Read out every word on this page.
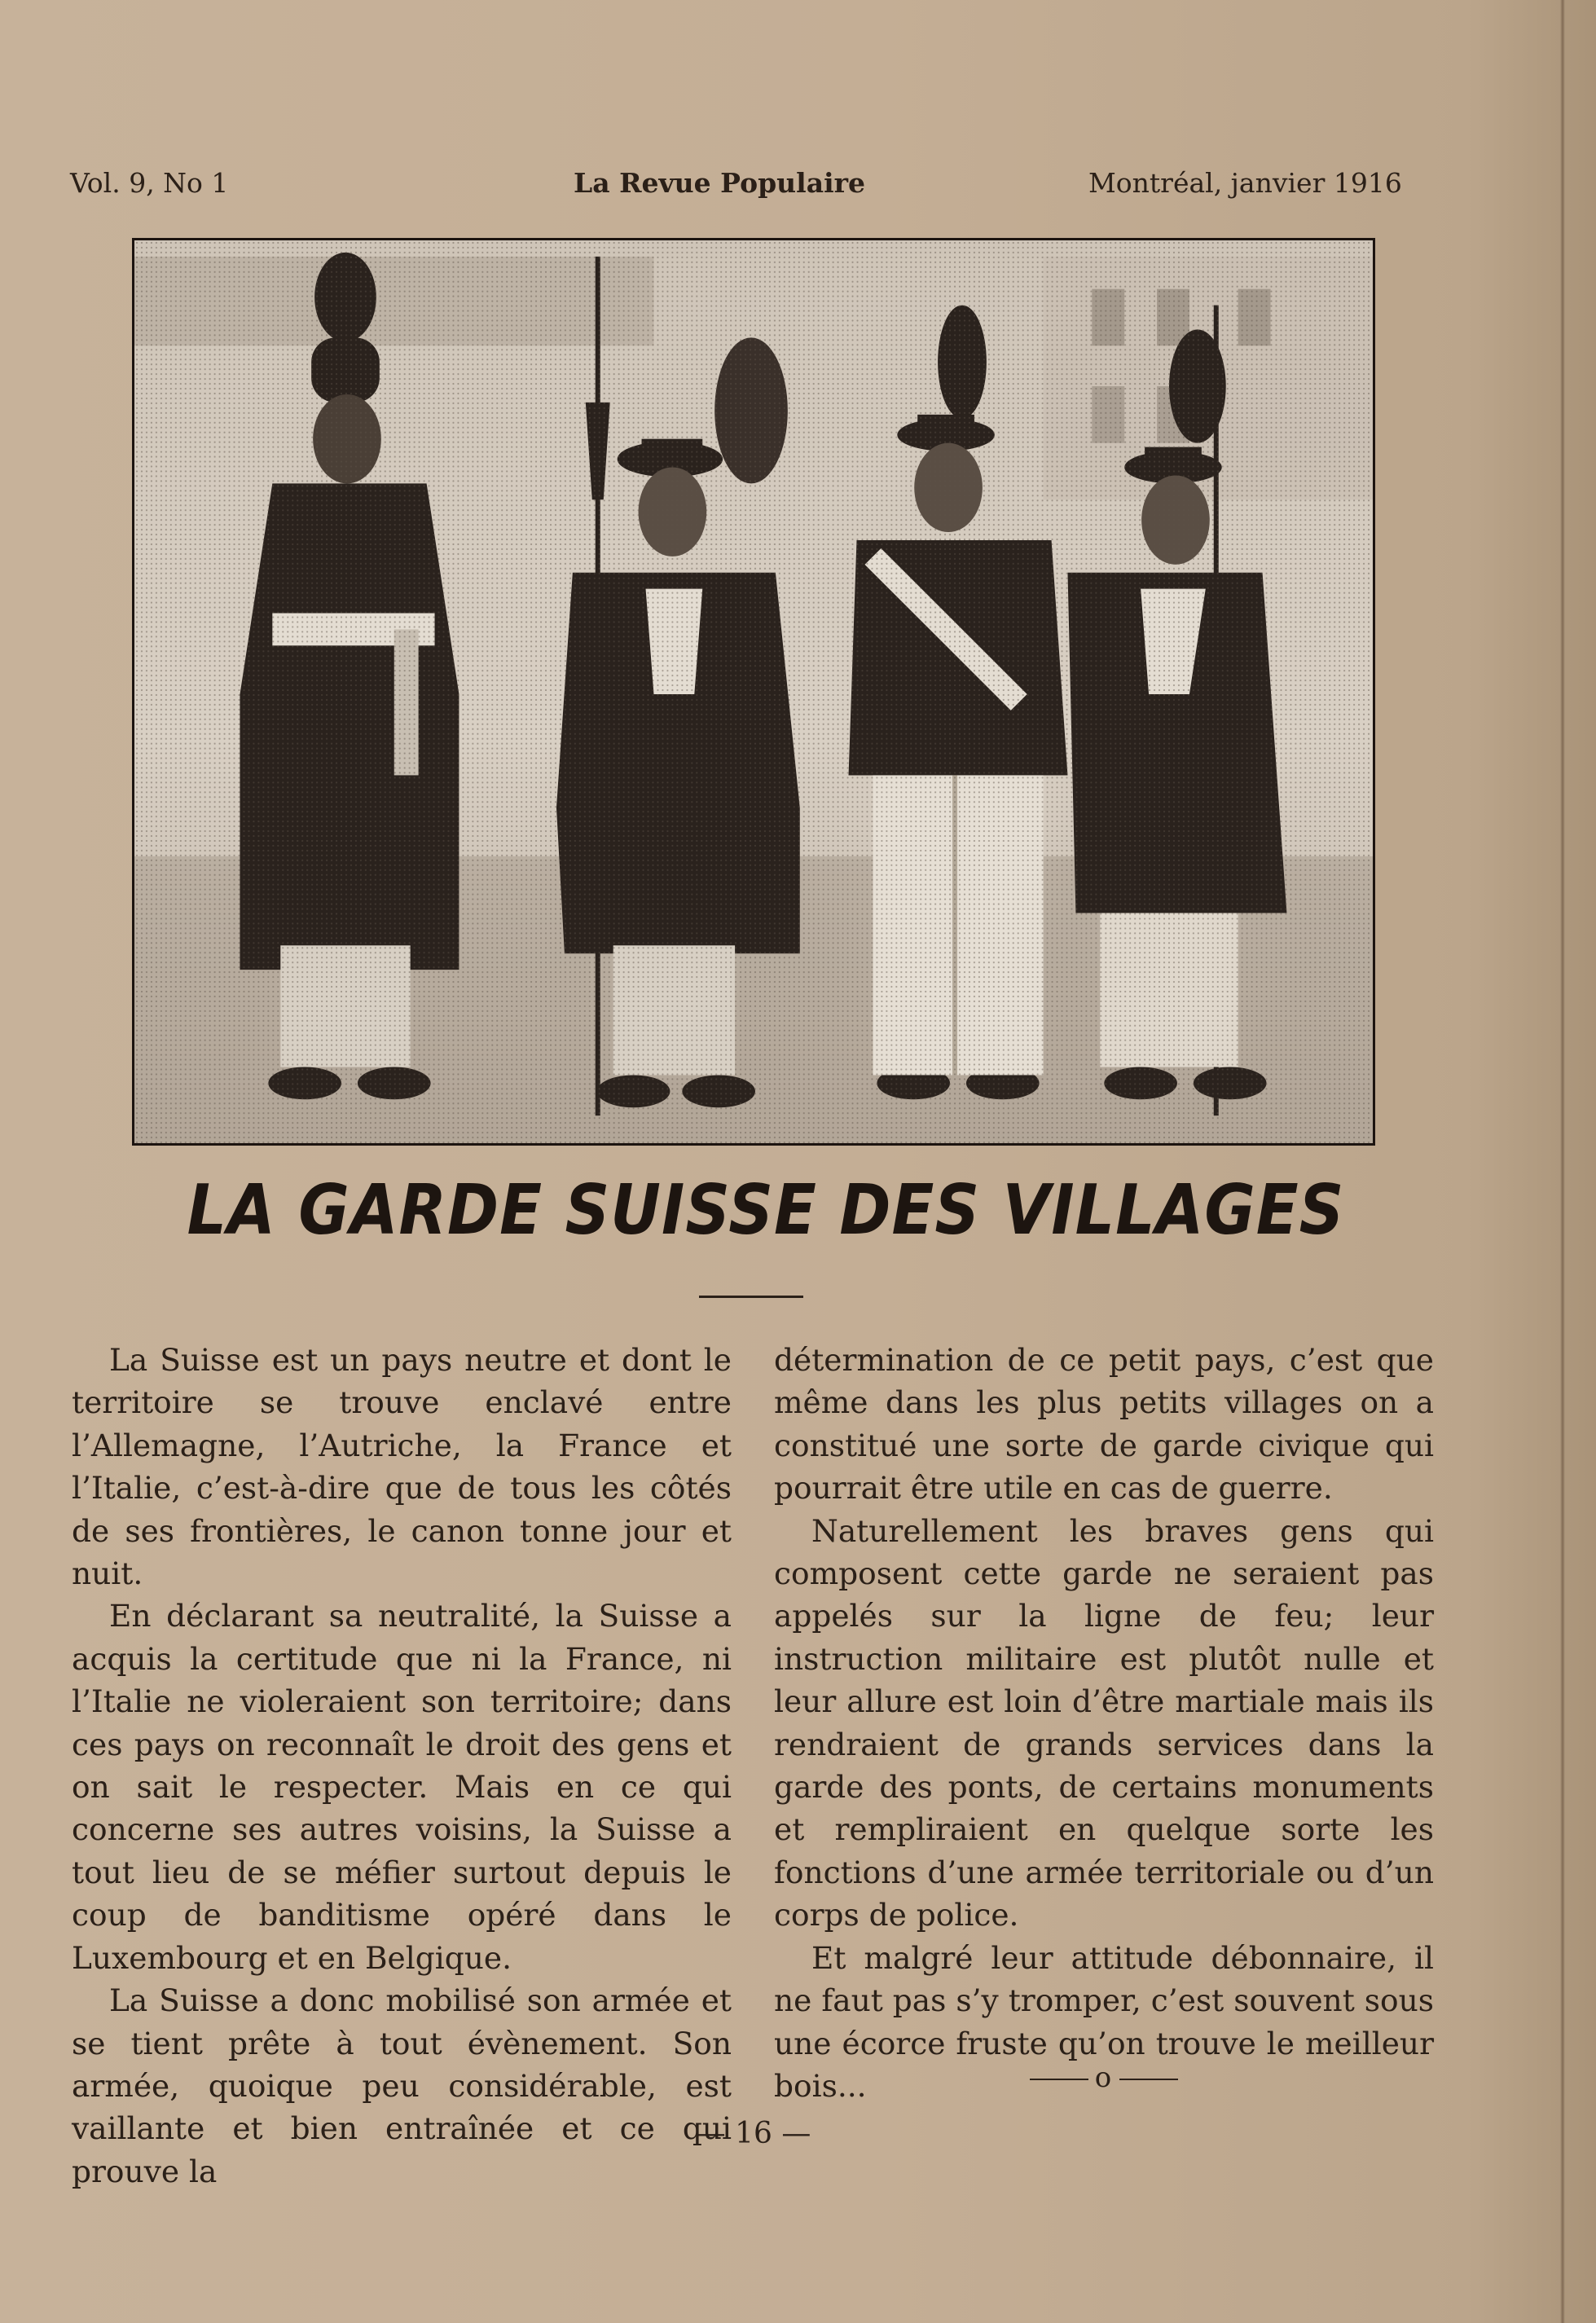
Vol. 9, No 1	La Revue Populaire	Montréal, janvier 1916
LA GARDE SUISSE DES VILLAGES

La Suisse est un pays neutre et dont le territoire se trouve enclavé entre l’Allemagne, l’Autriche, la France et l’Italie, c’est-à-dire que de tous les côtés de ses frontières, le canon tonne jour et nuit.

En déclarant sa neutralité, la Suisse a acquis la certitude que ni la France, ni l’Italie ne violeraient son territoire; dans ces pays on reconnaît le droit des gens et on sait le respecter. Mais en ce qui concerne ses autres voisins, la Suisse a tout lieu de se méfier surtout depuis le coup de banditisme opéré dans le Luxembourg et en Belgique.

La Suisse a donc mobilisé son armée et se tient prête à tout évènement. Son armée, quoique peu considérable, est vaillante et bien entraînée et ce qui prouve la

détermination de ce petit pays, c’est que même dans les plus petits villages on a constitué une sorte de garde civique qui pourrait être utile en cas de guerre.

Naturellement les braves gens qui composent cette garde ne seraient pas appelés sur la ligne de feu; leur instruction militaire est plutôt nulle et leur allure est loin d’être martiale mais ils rendraient de grands services dans la garde des ponts, de certains monuments et rempliraient en quelque sorte les fonctions d’une armée territoriale ou d’un corps de police.

Et malgré leur attitude débonnaire, il ne faut pas s’y tromper, c’est souvent sous une écorce fruste qu’on trouve le meilleur bois...	o
— 16 —
